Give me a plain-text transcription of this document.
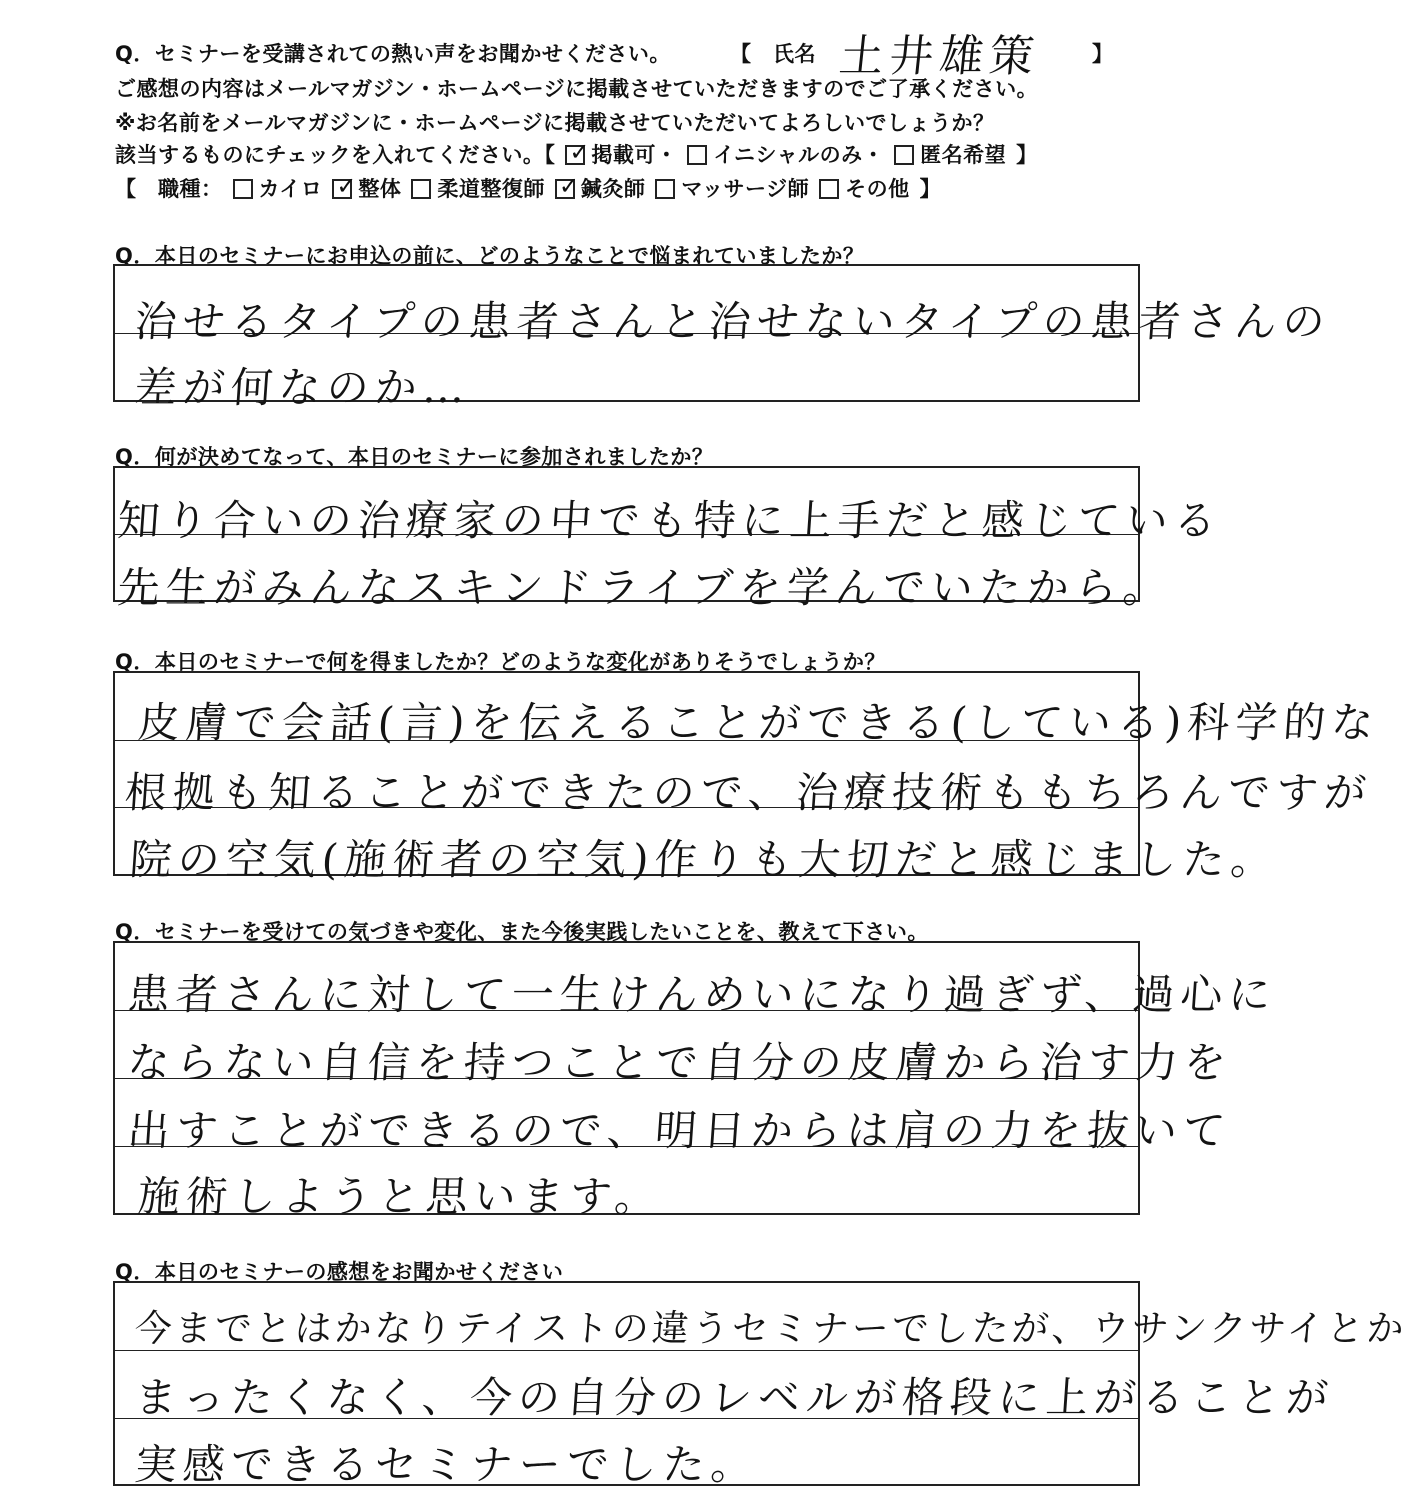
Q．セミナーを受講されての熱い声をお聞かせください。	【　氏名 土井雄策 】
ご感想の内容はメールマガジン・ホームページに掲載させていただきますのでご了承ください。
※お名前をメールマガジンに・ホームページに掲載させていただいてよろしいでしょうか？
該当するものにチェックを入れてください。【 ✓ 掲載可・ イニシャルのみ・ 匿名希望 】
【　職種： カイロ ✓ 整体 柔道整復師 ✓ 鍼灸師 マッサージ師 その他 】
Q．本日のセミナーにお申込の前に、どのようなことで悩まれていましたか？
治せるタイプの患者さんと治せないタイプの患者さんの
差が何なのか…
Q．何が決めてなって、本日のセミナーに参加されましたか？
知り合いの治療家の中でも特に上手だと感じている
先生がみんなスキンドライブを学んでいたから。
Q．本日のセミナーで何を得ましたか？どのような変化がありそうでしょうか？
皮膚で会話(言)を伝えることができる(している)科学的な
根拠も知ることができたので、治療技術ももちろんですが
院の空気(施術者の空気)作りも大切だと感じました。
Q．セミナーを受けての気づきや変化、また今後実践したいことを、教えて下さい。
患者さんに対して一生けんめいになり過ぎず、過心に
ならない自信を持つことで自分の皮膚から治す力を
出すことができるので、明日からは肩の力を抜いて
施術しようと思います。
Q．本日のセミナーの感想をお聞かせください
今までとはかなりテイストの違うセミナーでしたが、ウサンクサイとか
まったくなく、今の自分のレベルが格段に上がることが
実感できるセミナーでした。
